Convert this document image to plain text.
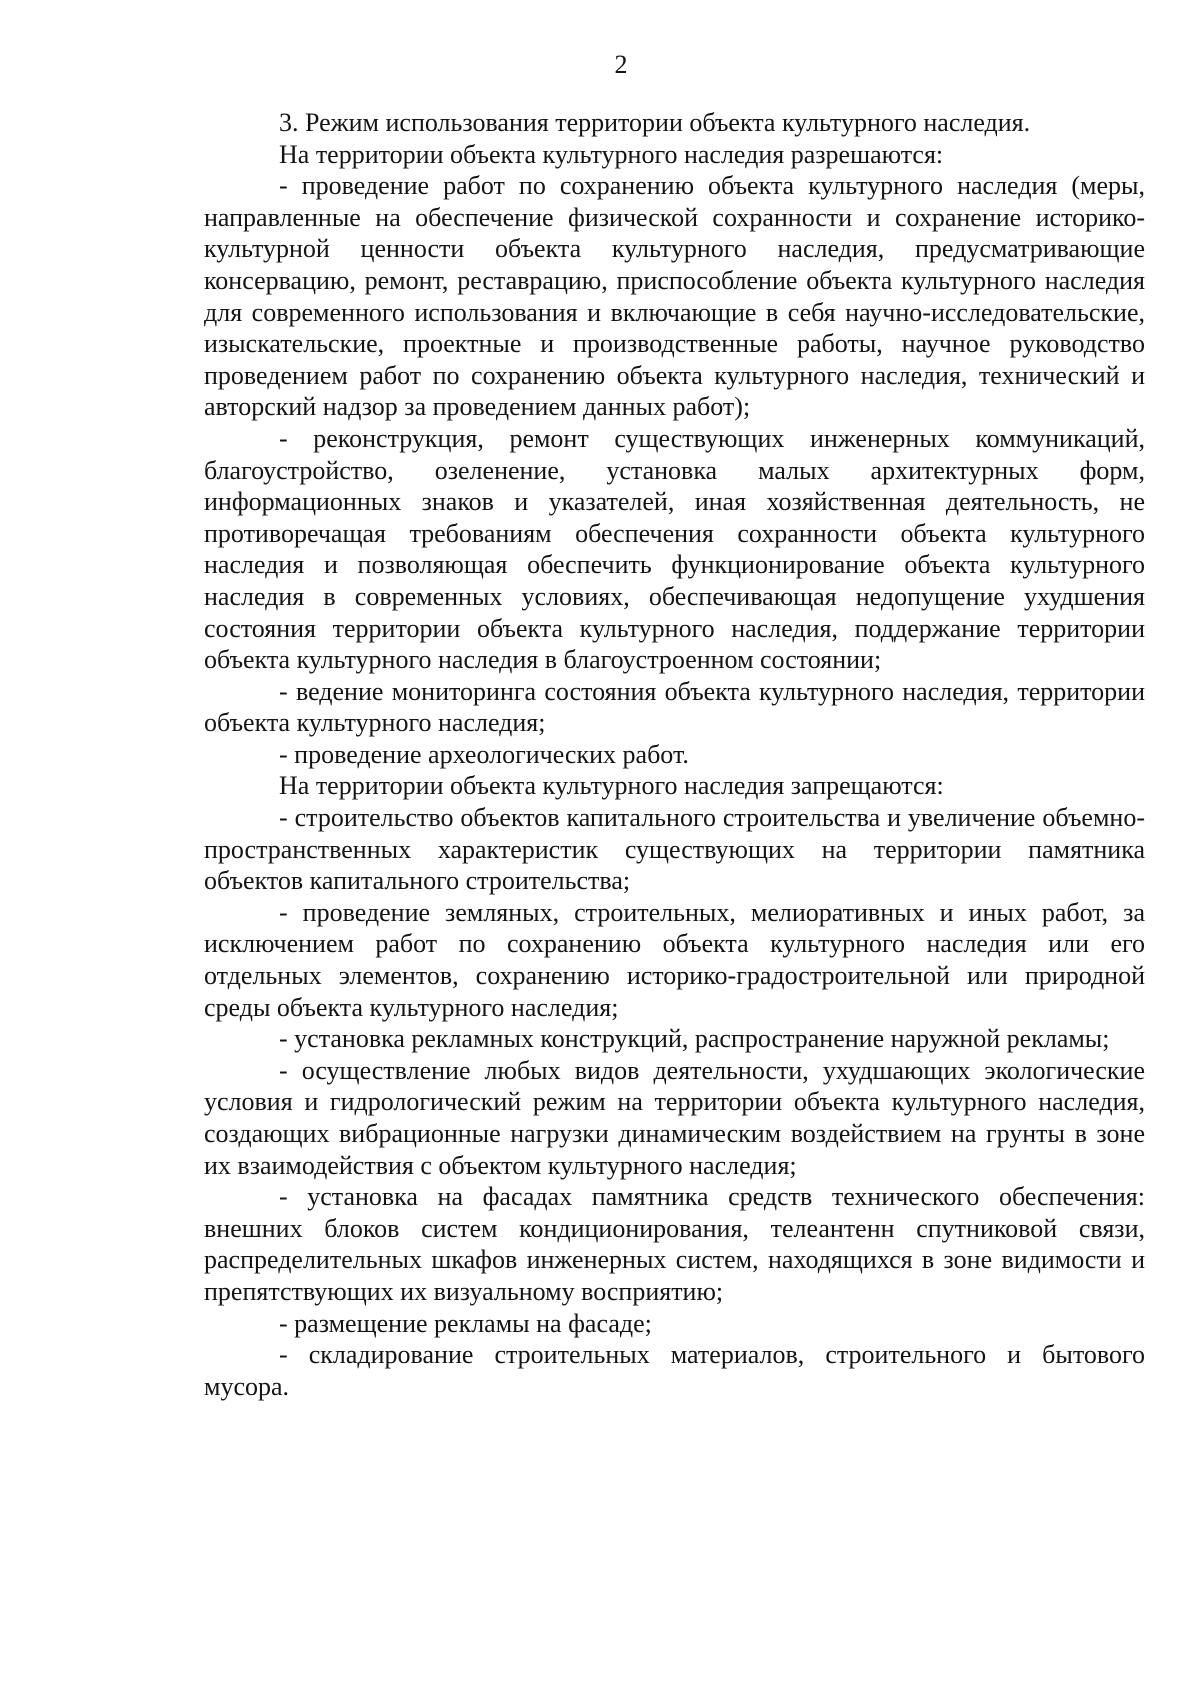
2

3. Режим использования территории объекта культурного наследия.

На территории объекта культурного наследия разрешаются:

- проведение работ по сохранению объекта культурного наследия (меры, направленные на обеспечение физической сохранности и сохранение историко-культурной ценности объекта культурного наследия, предусматривающие консервацию, ремонт, реставрацию, приспособление объекта культурного наследия для современного использования и включающие в себя научно-исследовательские, изыскательские, проектные и производственные работы, научное руководство проведением работ по сохранению объекта культурного наследия, технический и авторский надзор за проведением данных работ);

- реконструкция, ремонт существующих инженерных коммуникаций, благоустройство, озеленение, установка малых архитектурных форм, информационных знаков и указателей, иная хозяйственная деятельность, не противоречащая требованиям обеспечения сохранности объекта культурного наследия и позволяющая обеспечить функционирование объекта культурного наследия в современных условиях, обеспечивающая недопущение ухудшения состояния территории объекта культурного наследия, поддержание территории объекта культурного наследия в благоустроенном состоянии;

- ведение мониторинга состояния объекта культурного наследия, территории объекта культурного наследия;

- проведение археологических работ.

На территории объекта культурного наследия запрещаются:

- строительство объектов капитального строительства и увеличение объемно-пространственных характеристик существующих на территории памятника объектов капитального строительства;

- проведение земляных, строительных, мелиоративных и иных работ, за исключением работ по сохранению объекта культурного наследия или его отдельных элементов, сохранению историко-градостроительной или природной среды объекта культурного наследия;

- установка рекламных конструкций, распространение наружной рекламы;

- осуществление любых видов деятельности, ухудшающих экологические условия и гидрологический режим на территории объекта культурного наследия, создающих вибрационные нагрузки динамическим воздействием на грунты в зоне их взаимодействия с объектом культурного наследия;

- установка на фасадах памятника средств технического обеспечения: внешних блоков систем кондиционирования, телеантенн спутниковой связи, распределительных шкафов инженерных систем, находящихся в зоне видимости и препятствующих их визуальному восприятию;

- размещение рекламы на фасаде;

- складирование строительных материалов, строительного и бытового мусора.
